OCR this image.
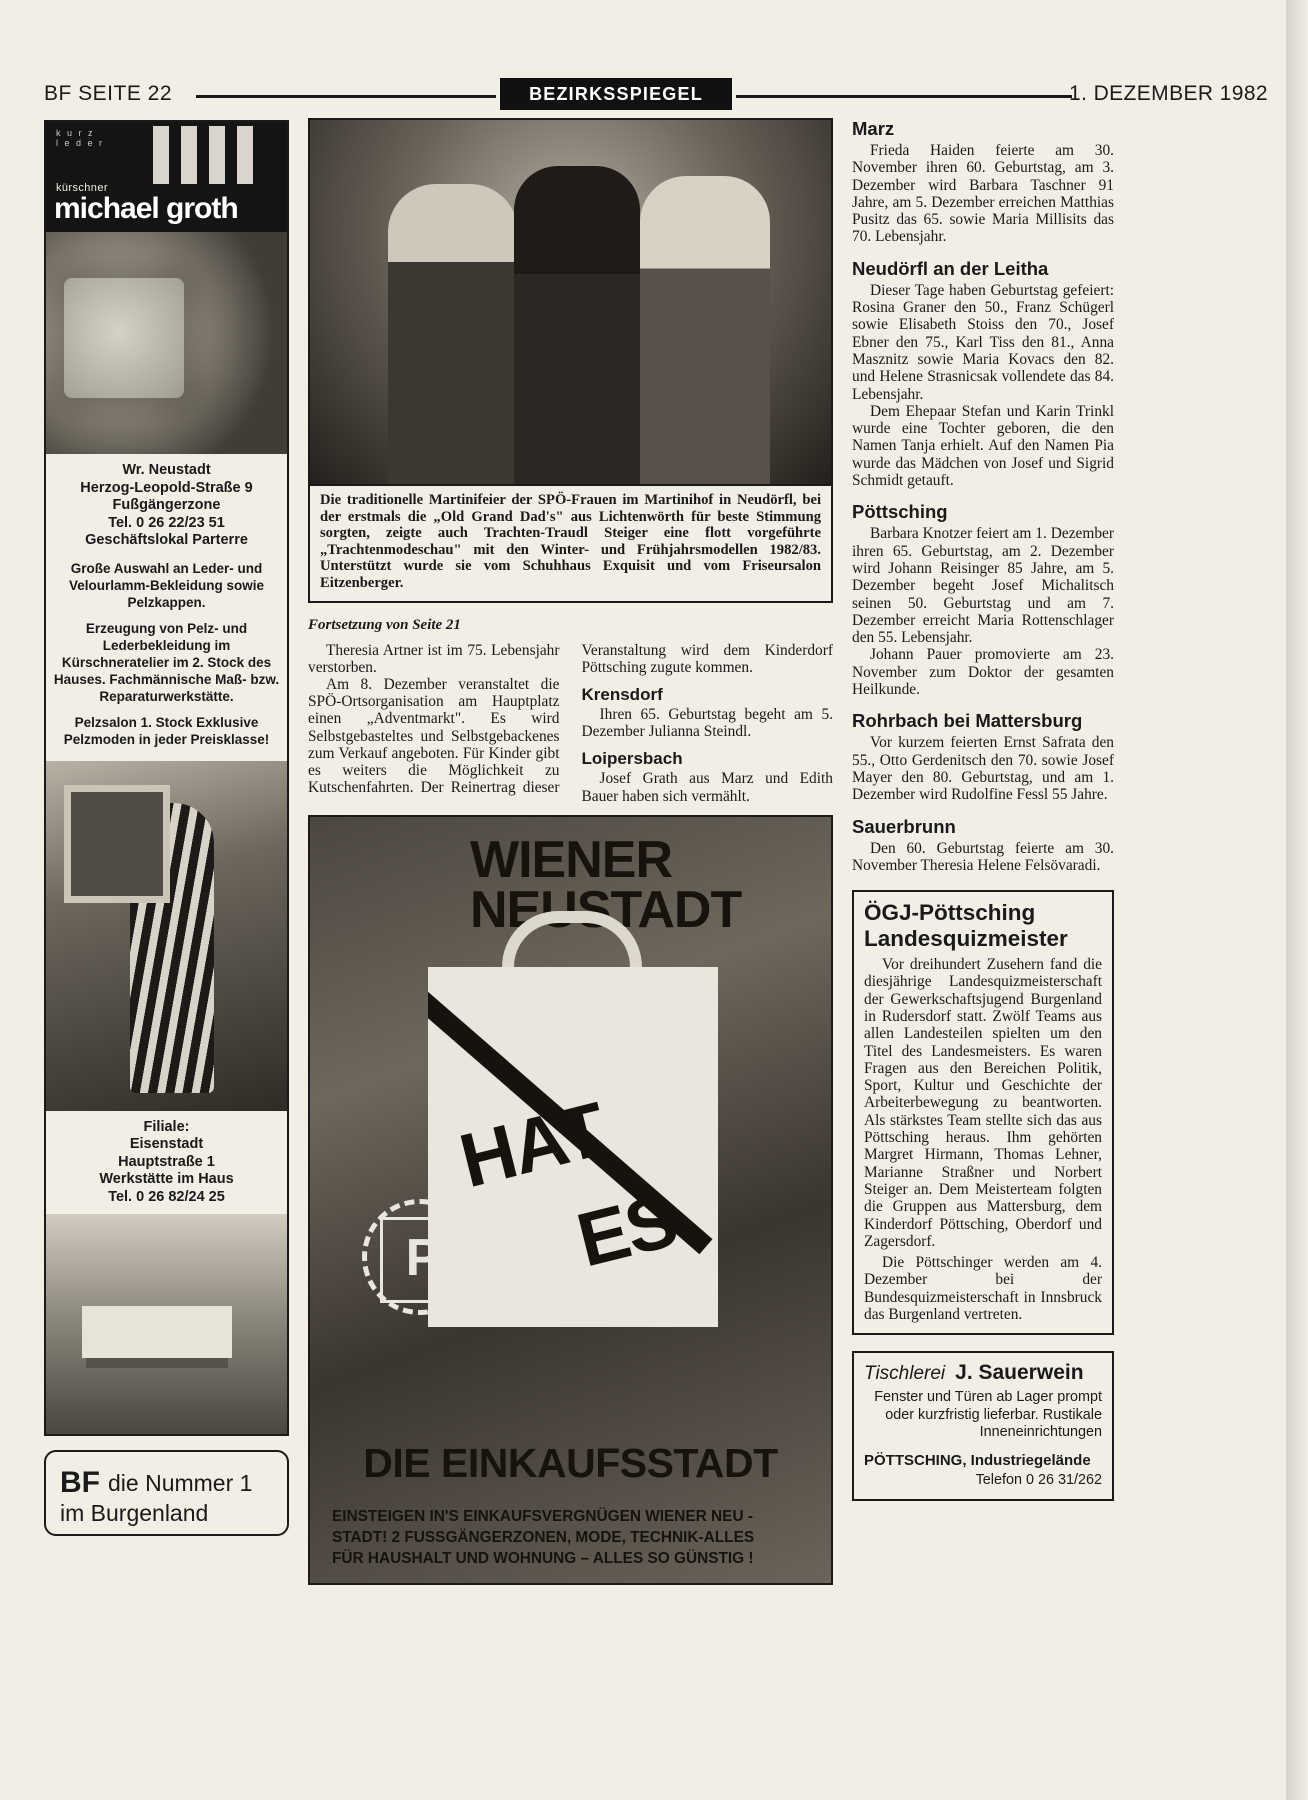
BF SEITE 22	BEZIRKSSPIEGEL	1. DEZEMBER 1982
k u r z
l e d e r
kürschner
michael groth

Wr. Neustadt
Herzog-Leopold-Straße 9
Fußgängerzone
Tel. 0 26 22/23 51
Geschäftslokal Parterre

Große Auswahl an Leder- und Velourlamm-Bekleidung sowie Pelzkappen.

Erzeugung von Pelz- und Lederbekleidung im Kürschneratelier im 2. Stock des Hauses. Fachmännische Maß- bzw. Reparaturwerkstätte.

Pelzsalon 1. Stock Exklusive Pelzmoden in jeder Preisklasse!

Filiale:
Eisenstadt
Hauptstraße 1
Werkstätte im Haus
Tel. 0 26 82/24 25

BF die Nummer 1
im Burgenland

Die traditionelle Martinifeier der SPÖ-Frauen im Martinihof in Neudörfl, bei der erstmals die „Old Grand Dad's" aus Lichtenwörth für beste Stimmung sorgten, zeigte auch Trachten-Traudl Steiger eine flott vorgeführte „Trachtenmodeschau" mit den Winter- und Frühjahrsmodellen 1982/83. Unterstützt wurde sie vom Schuhhaus Exquisit und vom Friseursalon Eitzenberger.

Fortsetzung von Seite 21

Theresia Artner ist im 75. Lebensjahr verstorben.

Am 8. Dezember veranstaltet die SPÖ-Ortsorganisation am Hauptplatz einen „Adventmarkt". Es wird Selbstgebasteltes und Selbstgebackenes zum Verkauf angeboten. Für Kinder gibt es weiters die Möglichkeit zu Kutschenfahrten. Der Reinertrag dieser Veranstaltung wird dem Kinderdorf Pöttsching zugute kommen.

Krensdorf

Ihren 65. Geburtstag begeht am 5. Dezember Julianna Steindl.

Loipersbach

Josef Grath aus Marz und Edith Bauer haben sich vermählt.

WIENER
NEUSTADT
HAT
ES
P
DIE EINKAUFSSTADT
EINSTEIGEN IN'S EINKAUFSVERGNÜGEN WIENER NEU -
STADT! 2 FUSSGÄNGERZONEN, MODE, TECHNIK-ALLES
FÜR HAUSHALT UND WOHNUNG – ALLES SO GÜNSTIG !
Marz

Frieda Haiden feierte am 30. November ihren 60. Geburtstag, am 3. Dezember wird Barbara Taschner 91 Jahre, am 5. Dezember erreichen Matthias Pusitz das 65. sowie Maria Millisits das 70. Lebensjahr.

Neudörfl an der Leitha

Dieser Tage haben Geburtstag gefeiert: Rosina Graner den 50., Franz Schügerl sowie Elisabeth Stoiss den 70., Josef Ebner den 75., Karl Tiss den 81., Anna Masznitz sowie Maria Kovacs den 82. und Helene Strasnicsak vollendete das 84. Lebensjahr.

Dem Ehepaar Stefan und Karin Trinkl wurde eine Tochter geboren, die den Namen Tanja erhielt. Auf den Namen Pia wurde das Mädchen von Josef und Sigrid Schmidt getauft.

Pöttsching

Barbara Knotzer feiert am 1. Dezember ihren 65. Geburtstag, am 2. Dezember wird Johann Reisinger 85 Jahre, am 5. Dezember begeht Josef Michalitsch seinen 50. Geburtstag und am 7. Dezember erreicht Maria Rottenschlager den 55. Lebensjahr.

Johann Pauer promovierte am 23. November zum Doktor der gesamten Heilkunde.

Rohrbach bei Mattersburg

Vor kurzem feierten Ernst Safrata den 55., Otto Gerdenitsch den 70. sowie Josef Mayer den 80. Geburtstag, und am 1. Dezember wird Rudolfine Fessl 55 Jahre.

Sauerbrunn

Den 60. Geburtstag feierte am 30. November Theresia Helene Felsövaradi.

ÖGJ-Pöttsching
Landesquizmeister

Vor dreihundert Zusehern fand die diesjährige Landesquizmeisterschaft der Gewerkschaftsjugend Burgenland in Rudersdorf statt. Zwölf Teams aus allen Landesteilen spielten um den Titel des Landesmeisters. Es waren Fragen aus den Bereichen Politik, Sport, Kultur und Geschichte der Arbeiterbewegung zu beantworten. Als stärkstes Team stellte sich das aus Pöttsching heraus. Ihm gehörten Margret Hirmann, Thomas Lehner, Marianne Straßner und Norbert Steiger an. Dem Meisterteam folgten die Gruppen aus Mattersburg, dem Kinderdorf Pöttsching, Oberdorf und Zagersdorf.

Die Pöttschinger werden am 4. Dezember bei der Bundesquizmeisterschaft in Innsbruck das Burgenland vertreten.

Tischlerei J. Sauerwein
Fenster und Türen ab Lager prompt oder kurzfristig lieferbar. Rustikale Inneneinrichtungen
PÖTTSCHING, Industriegelände
Telefon 0 26 31/262
